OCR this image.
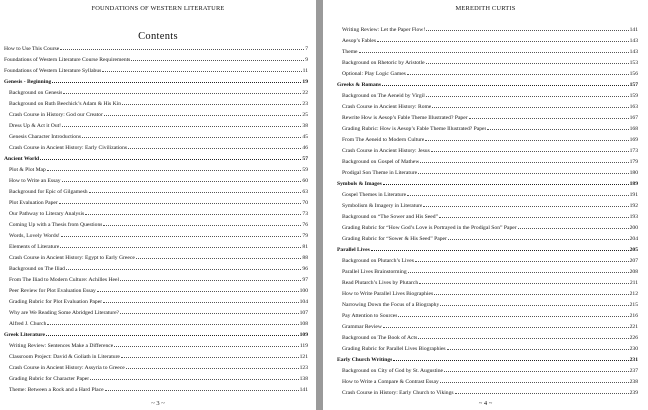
FOUNDATIONS OF WESTERN LITERATURE
Contents
How to Use This Course	7
Foundations of Western Literature Course Requirements	9
Foundations of Western Literature Syllabus	11
Genesis - Beginning	19
Background on Genesis	22
Background on Ruth Beechick’s Adam & His Kin	23
Crash Course in History: God our Creator	25
Dress Up & Act it Out!	38
Genesis Character Introductions	45
Crash Course in Ancient History: Early Civilizations	46
Ancient World	57
Plot & Plot Map	59
How to Write an Essay	60
Background for Epic of Gilgamesh	63
Plot Evaluation Paper	70
Our Pathway to Literary Analysis	73
Coming Up with a Thesis from Questions	76
Words, Lovely Words!	79
Elements of Literature	81
Crash Course in Ancient History: Egypt to Early Greece	88
Background on The Iliad	96
From The Iliad to Modern Culture: Achilles Heel	97
Peer Review for Plot Evaluation Essay	100
Grading Rubric for Plot Evaluation Paper	104
Why are We Reading Some Abridged Literature?	107
Alfred J. Church	108
Greek Literature	109
Writing Review: Sentences Make a Difference	119
Classroom Project: David & Goliath in Literature	121
Crash Course in Ancient History: Assyria to Greece	123
Grading Rubric for Character Paper	138
Theme: Between a Rock and a Hard Place	141
~ 3 ~
MEREDITH CURTIS
Writing Review: Let the Paper Flow!	141
Aesop’s Fables	143
Theme	143
Background on Rhetoric by Aristotle	153
Optional: Play Logic Games	156
Greeks & Romans	157
Background on The Aeneid by Virgil	159
Crash Course in Ancient History: Rome	163
Rewrite How is Aesop’s Fable Theme Illustrated? Paper	167
Grading Rubric: How is Aesop’s Fable Theme Illustrated? Paper	168
From The Aeneid to Modern Culture	169
Crash Course in Ancient History: Jesus	173
Background on Gospel of Mathew	179
Prodigal Son Theme in Literature	180
Symbols & Images	189
Gospel Themes in Literature	191
Symbolism & Imagery in Literature	192
Background on “The Sower and His Seed”	193
Grading Rubric for “How God’s Love is Portrayed in the Prodigal Son” Paper	200
Grading Rubric for “Sower & His Seed” Paper	204
Parallel Lives	205
Background on Plutarch’s Lives	207
Parallel Lives Brainstorming	208
Read Plutarch’s Lives by Plutarch	211
How to Write Parallel Lives Biographies	212
Narrowing Down the Focus of a Biography	215
Pay Attention to Sources	216
Grammar Review	221
Background on The Book of Acts	226
Grading Rubric for Parallel Lives Biographies	230
Early Church Writings	231
Background on City of God by St. Augustine	237
How to Write a Compare & Contrast Essay	238
Crash Course in History: Early Church to Vikings	239
~ 4 ~
